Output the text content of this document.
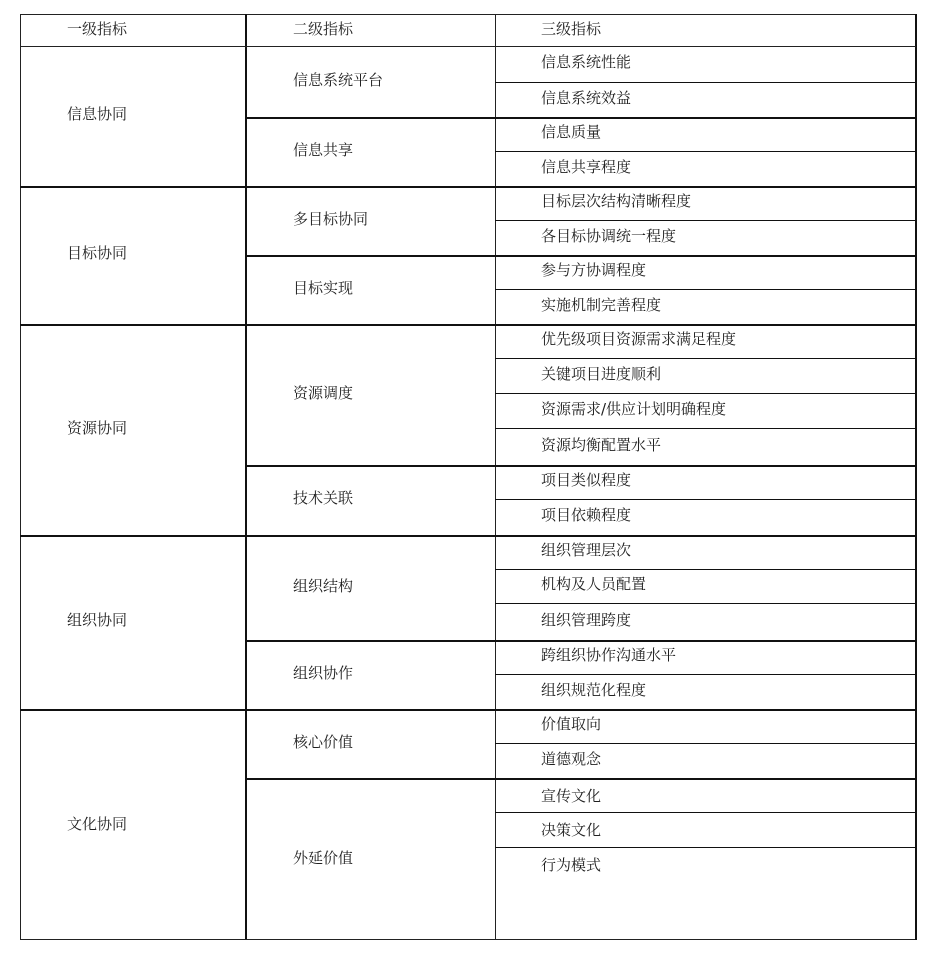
一级指标	二级指标	三级指标
信息系统性能
信息系统效益
信息系统平台
信息质量
信息共享程度
信息共享
信息协同
目标层次结构清晰程度
各目标协调统一程度
多目标协同
参与方协调程度
实施机制完善程度
目标实现
目标协同
优先级项目资源需求满足程度
关键项目进度顺利
资源需求/供应计划明确程度
资源均衡配置水平
资源调度
项目类似程度
项目依赖程度
技术关联
资源协同
组织管理层次
机构及人员配置
组织管理跨度
组织结构
跨组织协作沟通水平
组织规范化程度
组织协作
组织协同
价值取向
道德观念
核心价值
宣传文化
决策文化
行为模式
外延价值
文化协同
